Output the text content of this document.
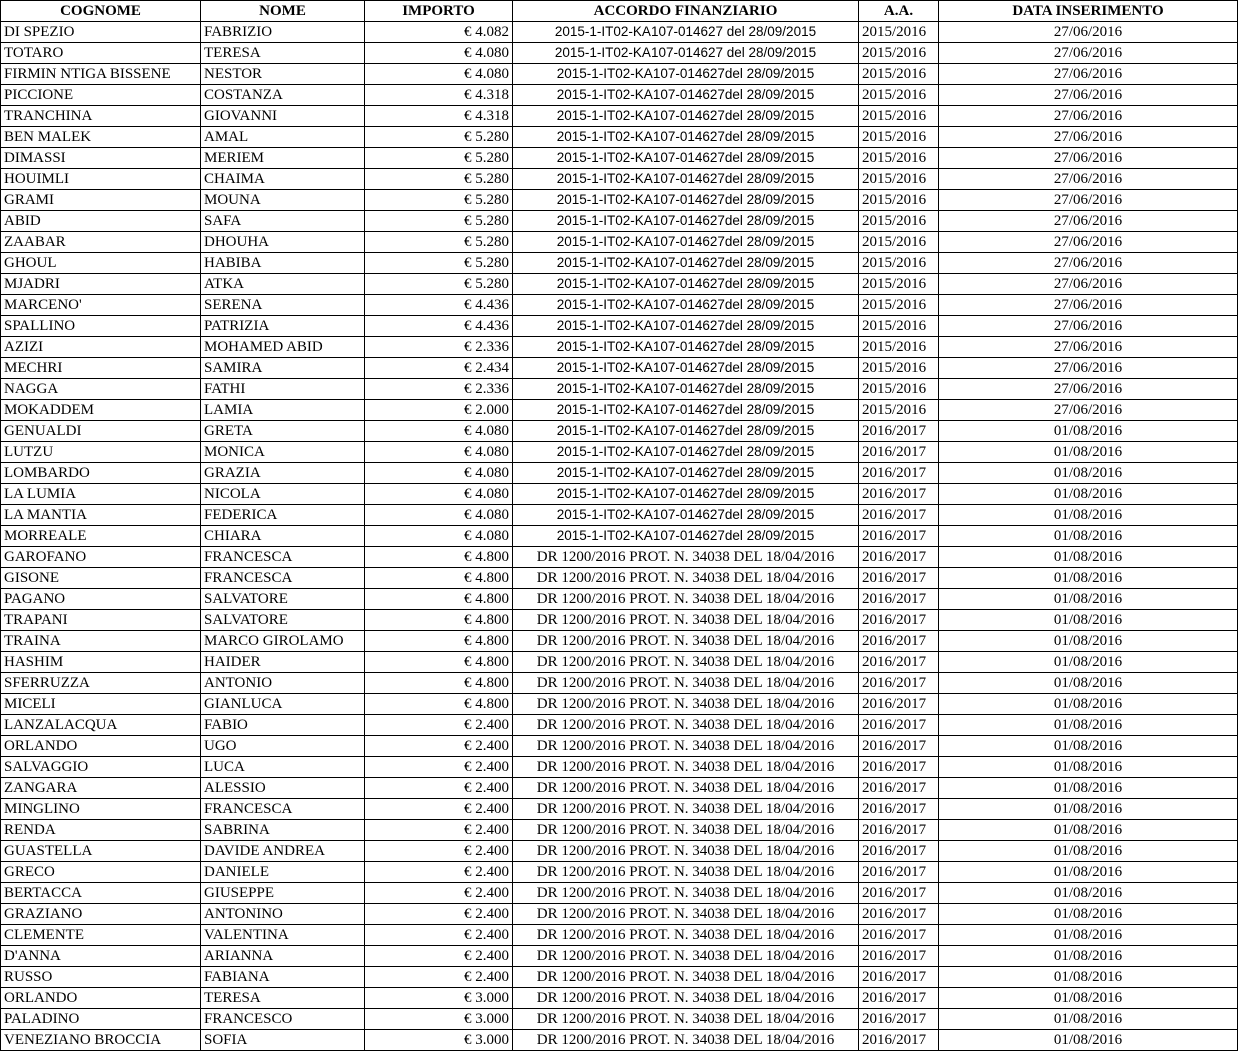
COGNOME	NOME	IMPORTO	ACCORDO FINANZIARIO	A.A.	DATA INSERIMENTO
DI SPEZIO	FABRIZIO	€ 4.082	2015-1-IT02-KA107-014627 del 28/09/2015	2015/2016	27/06/2016
TOTARO	TERESA	€ 4.080	2015-1-IT02-KA107-014627 del 28/09/2015	2015/2016	27/06/2016
FIRMIN NTIGA BISSENE	NESTOR	€ 4.080	2015-1-IT02-KA107-014627del 28/09/2015	2015/2016	27/06/2016
PICCIONE	COSTANZA	€ 4.318	2015-1-IT02-KA107-014627del 28/09/2015	2015/2016	27/06/2016
TRANCHINA	GIOVANNI	€ 4.318	2015-1-IT02-KA107-014627del 28/09/2015	2015/2016	27/06/2016
BEN MALEK	AMAL	€ 5.280	2015-1-IT02-KA107-014627del 28/09/2015	2015/2016	27/06/2016
DIMASSI	MERIEM	€ 5.280	2015-1-IT02-KA107-014627del 28/09/2015	2015/2016	27/06/2016
HOUIMLI	CHAIMA	€ 5.280	2015-1-IT02-KA107-014627del 28/09/2015	2015/2016	27/06/2016
GRAMI	MOUNA	€ 5.280	2015-1-IT02-KA107-014627del 28/09/2015	2015/2016	27/06/2016
ABID	SAFA	€ 5.280	2015-1-IT02-KA107-014627del 28/09/2015	2015/2016	27/06/2016
ZAABAR	DHOUHA	€ 5.280	2015-1-IT02-KA107-014627del 28/09/2015	2015/2016	27/06/2016
GHOUL	HABIBA	€ 5.280	2015-1-IT02-KA107-014627del 28/09/2015	2015/2016	27/06/2016
MJADRI	ATKA	€ 5.280	2015-1-IT02-KA107-014627del 28/09/2015	2015/2016	27/06/2016
MARCENO'	SERENA	€ 4.436	2015-1-IT02-KA107-014627del 28/09/2015	2015/2016	27/06/2016
SPALLINO	PATRIZIA	€ 4.436	2015-1-IT02-KA107-014627del 28/09/2015	2015/2016	27/06/2016
AZIZI	MOHAMED ABID	€ 2.336	2015-1-IT02-KA107-014627del 28/09/2015	2015/2016	27/06/2016
MECHRI	SAMIRA	€ 2.434	2015-1-IT02-KA107-014627del 28/09/2015	2015/2016	27/06/2016
NAGGA	FATHI	€ 2.336	2015-1-IT02-KA107-014627del 28/09/2015	2015/2016	27/06/2016
MOKADDEM	LAMIA	€ 2.000	2015-1-IT02-KA107-014627del 28/09/2015	2015/2016	27/06/2016
GENUALDI	GRETA	€ 4.080	2015-1-IT02-KA107-014627del 28/09/2015	2016/2017	01/08/2016
LUTZU	MONICA	€ 4.080	2015-1-IT02-KA107-014627del 28/09/2015	2016/2017	01/08/2016
LOMBARDO	GRAZIA	€ 4.080	2015-1-IT02-KA107-014627del 28/09/2015	2016/2017	01/08/2016
LA LUMIA	NICOLA	€ 4.080	2015-1-IT02-KA107-014627del 28/09/2015	2016/2017	01/08/2016
LA MANTIA	FEDERICA	€ 4.080	2015-1-IT02-KA107-014627del 28/09/2015	2016/2017	01/08/2016
MORREALE	CHIARA	€ 4.080	2015-1-IT02-KA107-014627del 28/09/2015	2016/2017	01/08/2016
GAROFANO	FRANCESCA	€ 4.800	DR 1200/2016 PROT. N. 34038 DEL 18/04/2016	2016/2017	01/08/2016
GISONE	FRANCESCA	€ 4.800	DR 1200/2016 PROT. N. 34038 DEL 18/04/2016	2016/2017	01/08/2016
PAGANO	SALVATORE	€ 4.800	DR 1200/2016 PROT. N. 34038 DEL 18/04/2016	2016/2017	01/08/2016
TRAPANI	SALVATORE	€ 4.800	DR 1200/2016 PROT. N. 34038 DEL 18/04/2016	2016/2017	01/08/2016
TRAINA	MARCO GIROLAMO	€ 4.800	DR 1200/2016 PROT. N. 34038 DEL 18/04/2016	2016/2017	01/08/2016
HASHIM	HAIDER	€ 4.800	DR 1200/2016 PROT. N. 34038 DEL 18/04/2016	2016/2017	01/08/2016
SFERRUZZA	ANTONIO	€ 4.800	DR 1200/2016 PROT. N. 34038 DEL 18/04/2016	2016/2017	01/08/2016
MICELI	GIANLUCA	€ 4.800	DR 1200/2016 PROT. N. 34038 DEL 18/04/2016	2016/2017	01/08/2016
LANZALACQUA	FABIO	€ 2.400	DR 1200/2016 PROT. N. 34038 DEL 18/04/2016	2016/2017	01/08/2016
ORLANDO	UGO	€ 2.400	DR 1200/2016 PROT. N. 34038 DEL 18/04/2016	2016/2017	01/08/2016
SALVAGGIO	LUCA	€ 2.400	DR 1200/2016 PROT. N. 34038 DEL 18/04/2016	2016/2017	01/08/2016
ZANGARA	ALESSIO	€ 2.400	DR 1200/2016 PROT. N. 34038 DEL 18/04/2016	2016/2017	01/08/2016
MINGLINO	FRANCESCA	€ 2.400	DR 1200/2016 PROT. N. 34038 DEL 18/04/2016	2016/2017	01/08/2016
RENDA	SABRINA	€ 2.400	DR 1200/2016 PROT. N. 34038 DEL 18/04/2016	2016/2017	01/08/2016
GUASTELLA	DAVIDE ANDREA	€ 2.400	DR 1200/2016 PROT. N. 34038 DEL 18/04/2016	2016/2017	01/08/2016
GRECO	DANIELE	€ 2.400	DR 1200/2016 PROT. N. 34038 DEL 18/04/2016	2016/2017	01/08/2016
BERTACCA	GIUSEPPE	€ 2.400	DR 1200/2016 PROT. N. 34038 DEL 18/04/2016	2016/2017	01/08/2016
GRAZIANO	ANTONINO	€ 2.400	DR 1200/2016 PROT. N. 34038 DEL 18/04/2016	2016/2017	01/08/2016
CLEMENTE	VALENTINA	€ 2.400	DR 1200/2016 PROT. N. 34038 DEL 18/04/2016	2016/2017	01/08/2016
D'ANNA	ARIANNA	€ 2.400	DR 1200/2016 PROT. N. 34038 DEL 18/04/2016	2016/2017	01/08/2016
RUSSO	FABIANA	€ 2.400	DR 1200/2016 PROT. N. 34038 DEL 18/04/2016	2016/2017	01/08/2016
ORLANDO	TERESA	€ 3.000	DR 1200/2016 PROT. N. 34038 DEL 18/04/2016	2016/2017	01/08/2016
PALADINO	FRANCESCO	€ 3.000	DR 1200/2016 PROT. N. 34038 DEL 18/04/2016	2016/2017	01/08/2016
VENEZIANO BROCCIA	SOFIA	€ 3.000	DR 1200/2016 PROT. N. 34038 DEL 18/04/2016	2016/2017	01/08/2016
